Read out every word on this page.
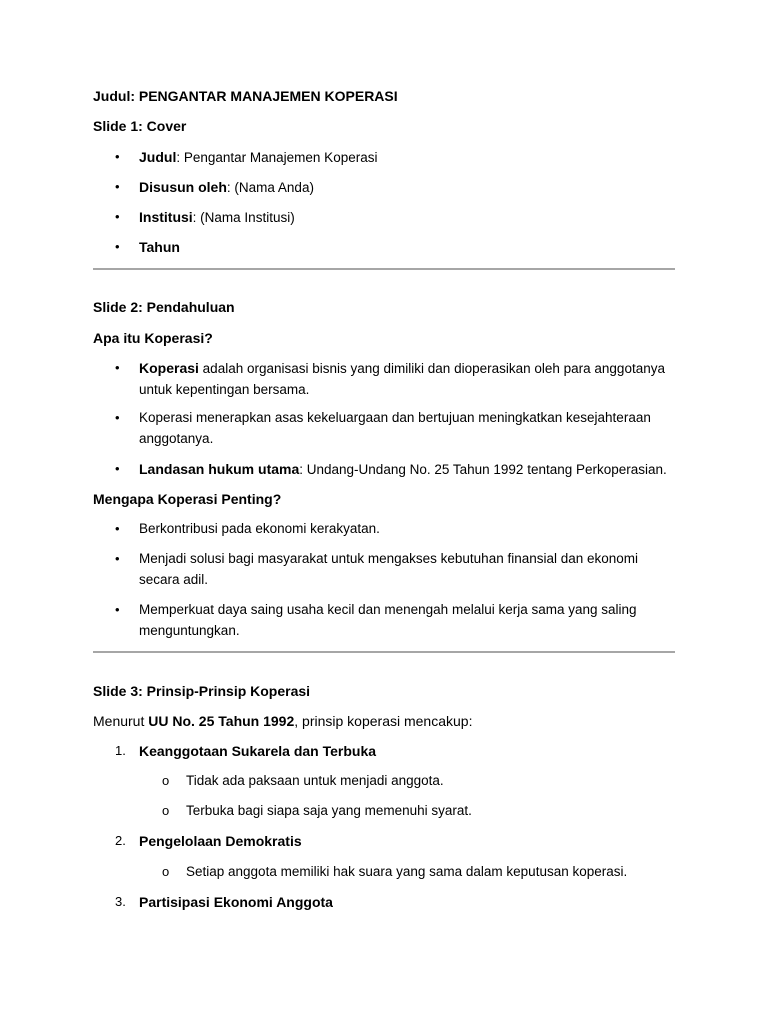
Judul: PENGANTAR MANAJEMEN KOPERASI
Slide 1: Cover
• Judul: Pengantar Manajemen Koperasi
• Disusun oleh: (Nama Anda)
• Institusi: (Nama Institusi)
• Tahun
Slide 2: Pendahuluan
Apa itu Koperasi?
• Koperasi adalah organisasi bisnis yang dimiliki dan dioperasikan oleh para anggotanya untuk kepentingan bersama.
• Koperasi menerapkan asas kekeluargaan dan bertujuan meningkatkan kesejahteraan anggotanya.
• Landasan hukum utama: Undang-Undang No. 25 Tahun 1992 tentang Perkoperasian.
Mengapa Koperasi Penting?
• Berkontribusi pada ekonomi kerakyatan.
• Menjadi solusi bagi masyarakat untuk mengakses kebutuhan finansial dan ekonomi secara adil.
• Memperkuat daya saing usaha kecil dan menengah melalui kerja sama yang saling menguntungkan.
Slide 3: Prinsip-Prinsip Koperasi
Menurut UU No. 25 Tahun 1992, prinsip koperasi mencakup:
1. Keanggotaan Sukarela dan Terbuka
o Tidak ada paksaan untuk menjadi anggota.
o Terbuka bagi siapa saja yang memenuhi syarat.
2. Pengelolaan Demokratis
o Setiap anggota memiliki hak suara yang sama dalam keputusan koperasi.
3. Partisipasi Ekonomi Anggota
